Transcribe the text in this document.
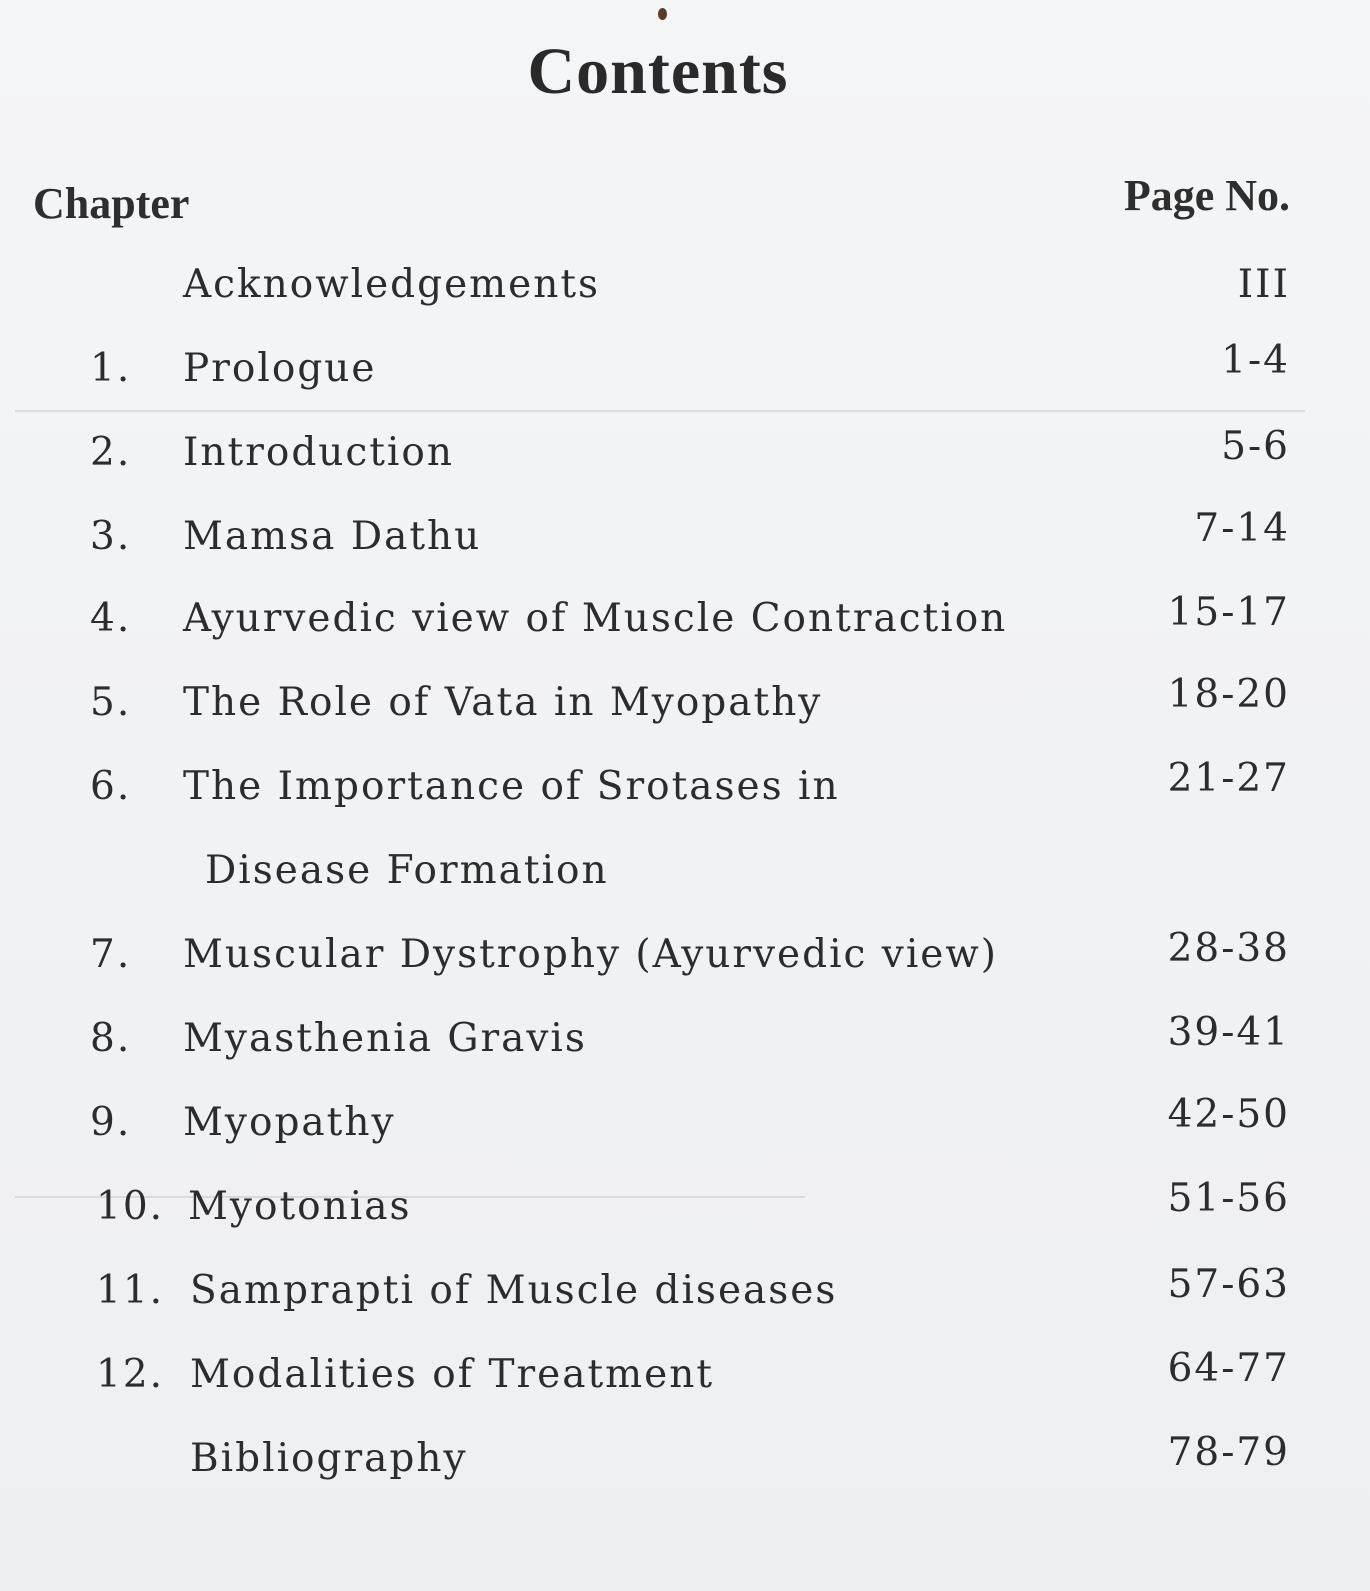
Contents
Chapter	Page No.
Acknowledgements	III
1. Prologue	1-4
2. Introduction	5-6
3. Mamsa Dathu	7-14
4. Ayurvedic view of Muscle Contraction	15-17
5. The Role of Vata in Myopathy	18-20
6. The Importance of Srotases in	21-27
Disease Formation
7. Muscular Dystrophy (Ayurvedic view)	28-38
8. Myasthenia Gravis	39-41
9. Myopathy	42-50
10. Myotonias	51-56
11. Samprapti of Muscle diseases	57-63
12. Modalities of Treatment	64-77
Bibliography	78-79
